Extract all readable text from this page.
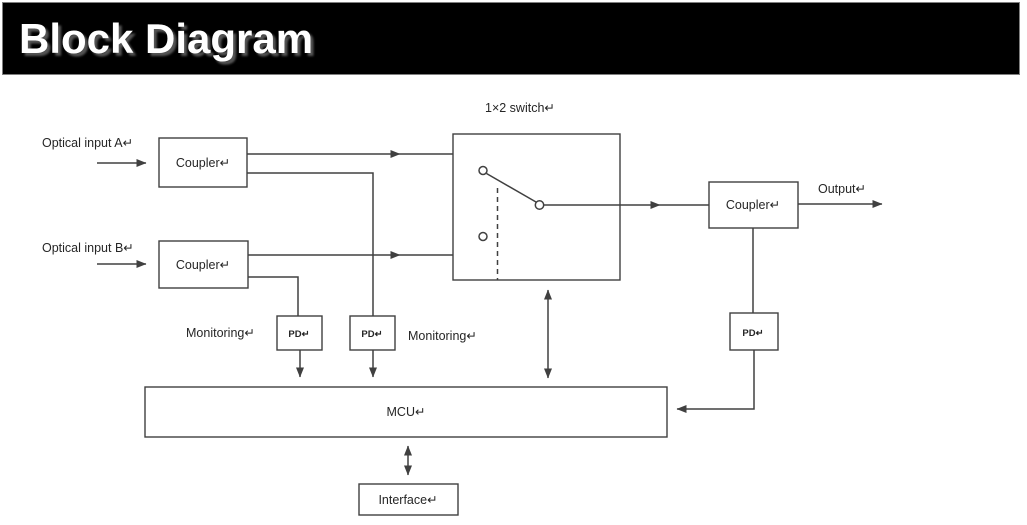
Optical input A↵
Optical input B↵
Coupler↵
Coupler↵
1×2 switch↵
Coupler↵
Output↵
Monitoring↵	Monitoring↵
PD↵	PD↵	PD↵
MCU↵
Interface↵
Block Diagram
